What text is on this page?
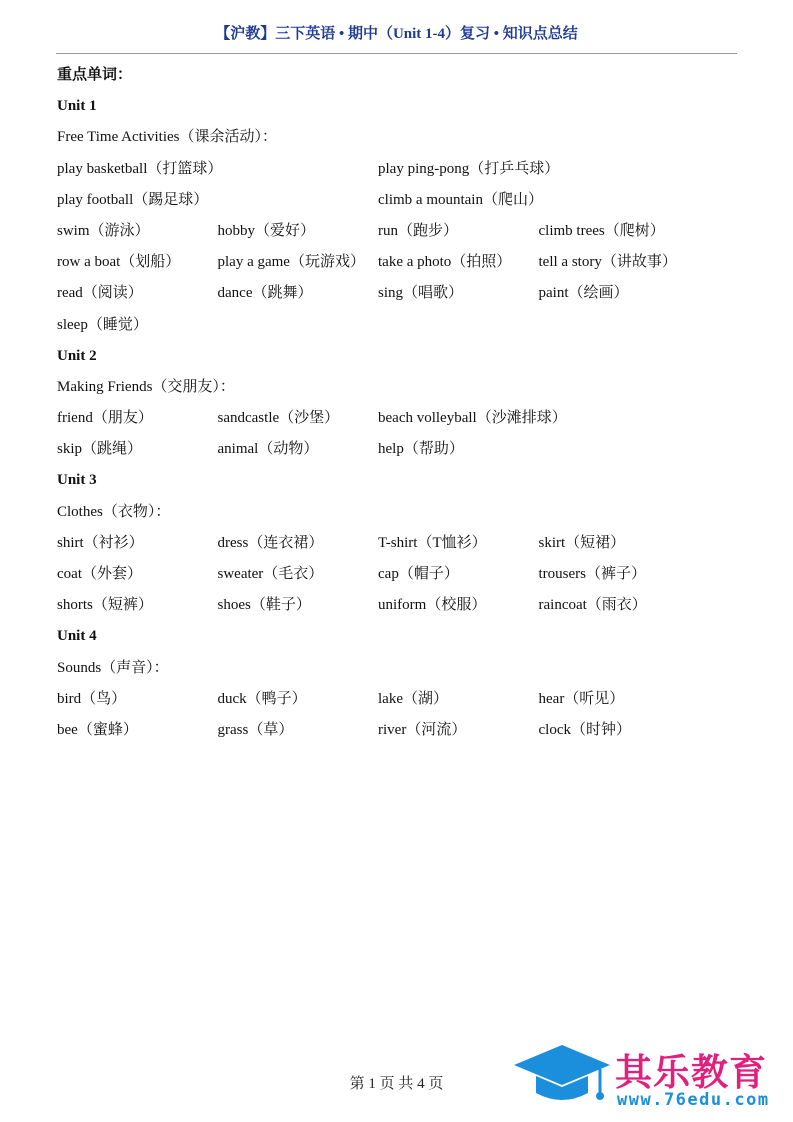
【沪教】三下英语 • 期中（Unit 1-4）复习 • 知识点总结
重点单词：
Unit 1
Free Time Activities（课余活动）：
play basketball（打篮球）	play ping-pong（打乒乓球）
play football（踢足球）	climb a mountain（爬山）
swim（游泳）	hobby（爱好）	run（跑步）	climb trees（爬树）
row a boat（划船）	play a game（玩游戏） take a photo（拍照）	tell a story（讲故事）
read（阅读）	dance（跳舞）	sing（唱歌）	paint（绘画）
sleep（睡觉）
Unit 2
Making Friends（交朋友）：
friend（朋友）	sandcastle（沙堡）	beach volleyball（沙滩排球）
skip（跳绳）	animal（动物）	help（帮助）
Unit 3
Clothes（衣物）：
shirt（衬衫）	dress（连衣裙）	T-shirt（T恤衫）	skirt（短裙）
coat（外套）	sweater（毛衣）	cap（帽子）	trousers（裤子）
shorts（短裤）	shoes（鞋子）	uniform（校服）	raincoat（雨衣）
Unit 4
Sounds（声音）：
bird（鸟）	duck（鸭子）	lake（湖）	hear（听见）
bee（蜜蜂）	grass（草）	river（河流）	clock（时钟）
第 1 页 共 4 页	其乐教育
www.76edu.com
